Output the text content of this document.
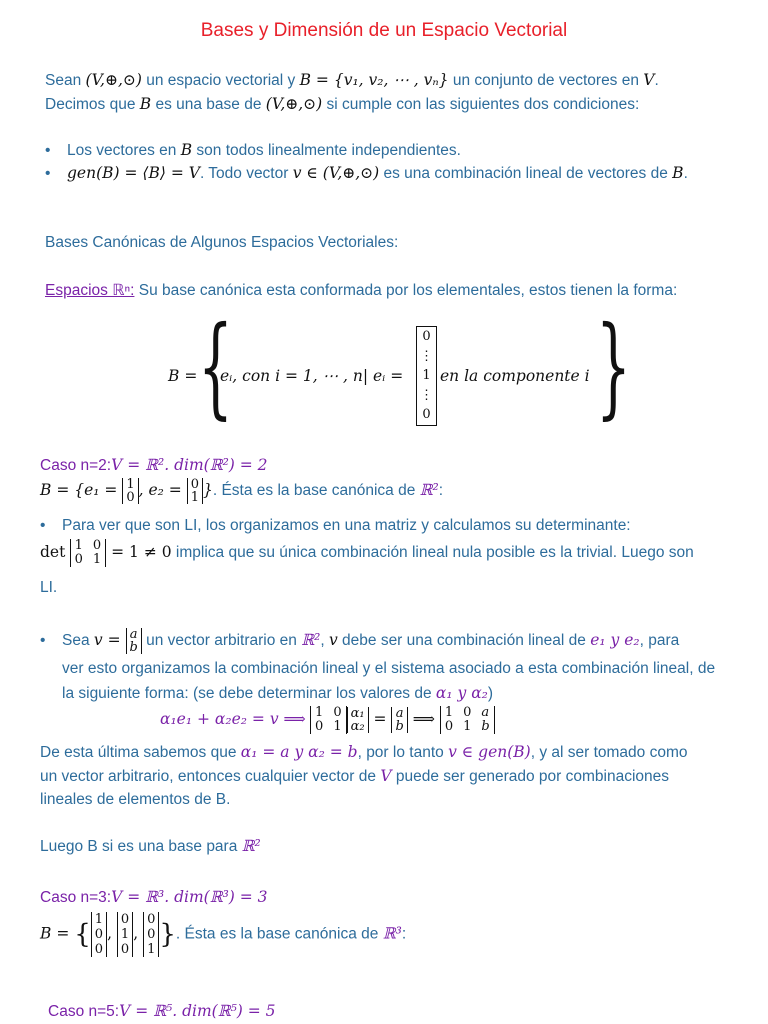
Bases y Dimensión de un Espacio Vectorial
Sean (V,⊕,⊙) un espacio vectorial y B = {v₁, v₂, ⋯ , vₙ} un conjunto de vectores en V.
Decimos que B es una base de (V,⊕,⊙) si cumple con las siguientes dos condiciones:
• Los vectores en B son todos linealmente independientes.
• gen(B) = ⟨B⟩ = V. Todo vector v ∈ (V,⊕,⊙) es una combinación lineal de vectores de B.
Bases Canónicas de Algunos Espacios Vectoriales:
Espacios ℝⁿ: Su base canónica esta conformada por los elementales, estos tienen la forma:
B = {
eᵢ, con i = 1, ⋯ , n| eᵢ =
0
⋮
1
⋮
0
en la componente i }
Caso n=2:V = ℝ². dim(ℝ²) = 2
B = {e₁ = 1
0 , e₂ = 0
1 }. Ésta es la base canónica de ℝ²:
• Para ver que son LI, los organizamos en una matriz y calculamos su determinante:
det 1 0
0 1 = 1 ≠ 0 implica que su única combinación lineal nula posible es la trivial. Luego son
LI.
• Sea v = a
b un vector arbitrario en ℝ², v debe ser una combinación lineal de e₁ y e₂, para
ver esto organizamos la combinación lineal y el sistema asociado a esta combinación lineal, de
la siguiente forma: (se debe determinar los valores de α₁ y α₂)
α₁e₁ + α₂e₂ = v ⟹ 1 0
0 1
α₁
α₂ = a
b ⟹ 1 0 a
0 1 b
De esta última sabemos que α₁ = a y α₂ = b, por lo tanto v ∈ gen(B), y al ser tomado como
un vector arbitrario, entonces cualquier vector de V puede ser generado por combinaciones
lineales de elementos de B.
Luego B si es una base para ℝ²
Caso n=3:V = ℝ³. dim(ℝ³) = 3
B = { 1
0
0
,
0
1
0
,
0
0
1 }. Ésta es la base canónica de ℝ³:
Caso n=5:V = ℝ⁵. dim(ℝ⁵) = 5
